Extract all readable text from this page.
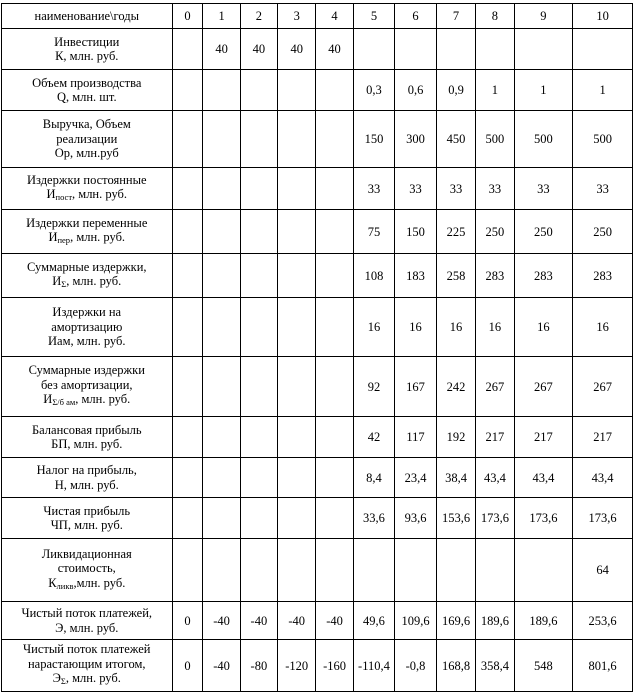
наименование\годы	0	1	2	3	4	5	6	7	8	9	10

Инвестиции
К, млн. руб.		40	40	40	40						

Объем производства
Q, млн. шт.						0,3	0,6	0,9	1	1	1

Выручка, Объем
реализации
Ор, млн.руб						150	300	450	500	500	500

Издержки постоянные
$И_{пост}$, млн. руб.						33	33	33	33	33	33

Издержки переменные
$И_{пер}$, млн. руб.						75	150	225	250	250	250

Суммарные издержки,
$И_\Sigma$, млн. руб.						108	183	258	283	283	283

Издержки на
амортизацию
Иам, млн. руб.						16	16	16	16	16	16

Суммарные издержки
без амортизации,
$И_{\Sigma/б ам}$, млн. руб.						92	167	242	267	267	267

Балансовая прибыль
БП, млн. руб.						42	117	192	217	217	217

Налог на прибыль,
Н, млн. руб.						8,4	23,4	38,4	43,4	43,4	43,4

Чистая прибыль
ЧП, млн. руб.						33,6	93,6	153,6	173,6	173,6	173,6

Ликвидационная
стоимость,
$К_{ликв},млн$. руб.											64

Чистый поток платежей,
Э, млн. руб.	0	-40	-40	-40	-40	49,6	109,6	169,6	189,6	189,6	253,6

Чистый поток платежей
нарастающим итогом,
$Э_\Sigma$, млн. руб.	0	-40	-80	-120	-160	-110,4	-0,8	168,8	358,4	548	801,6
